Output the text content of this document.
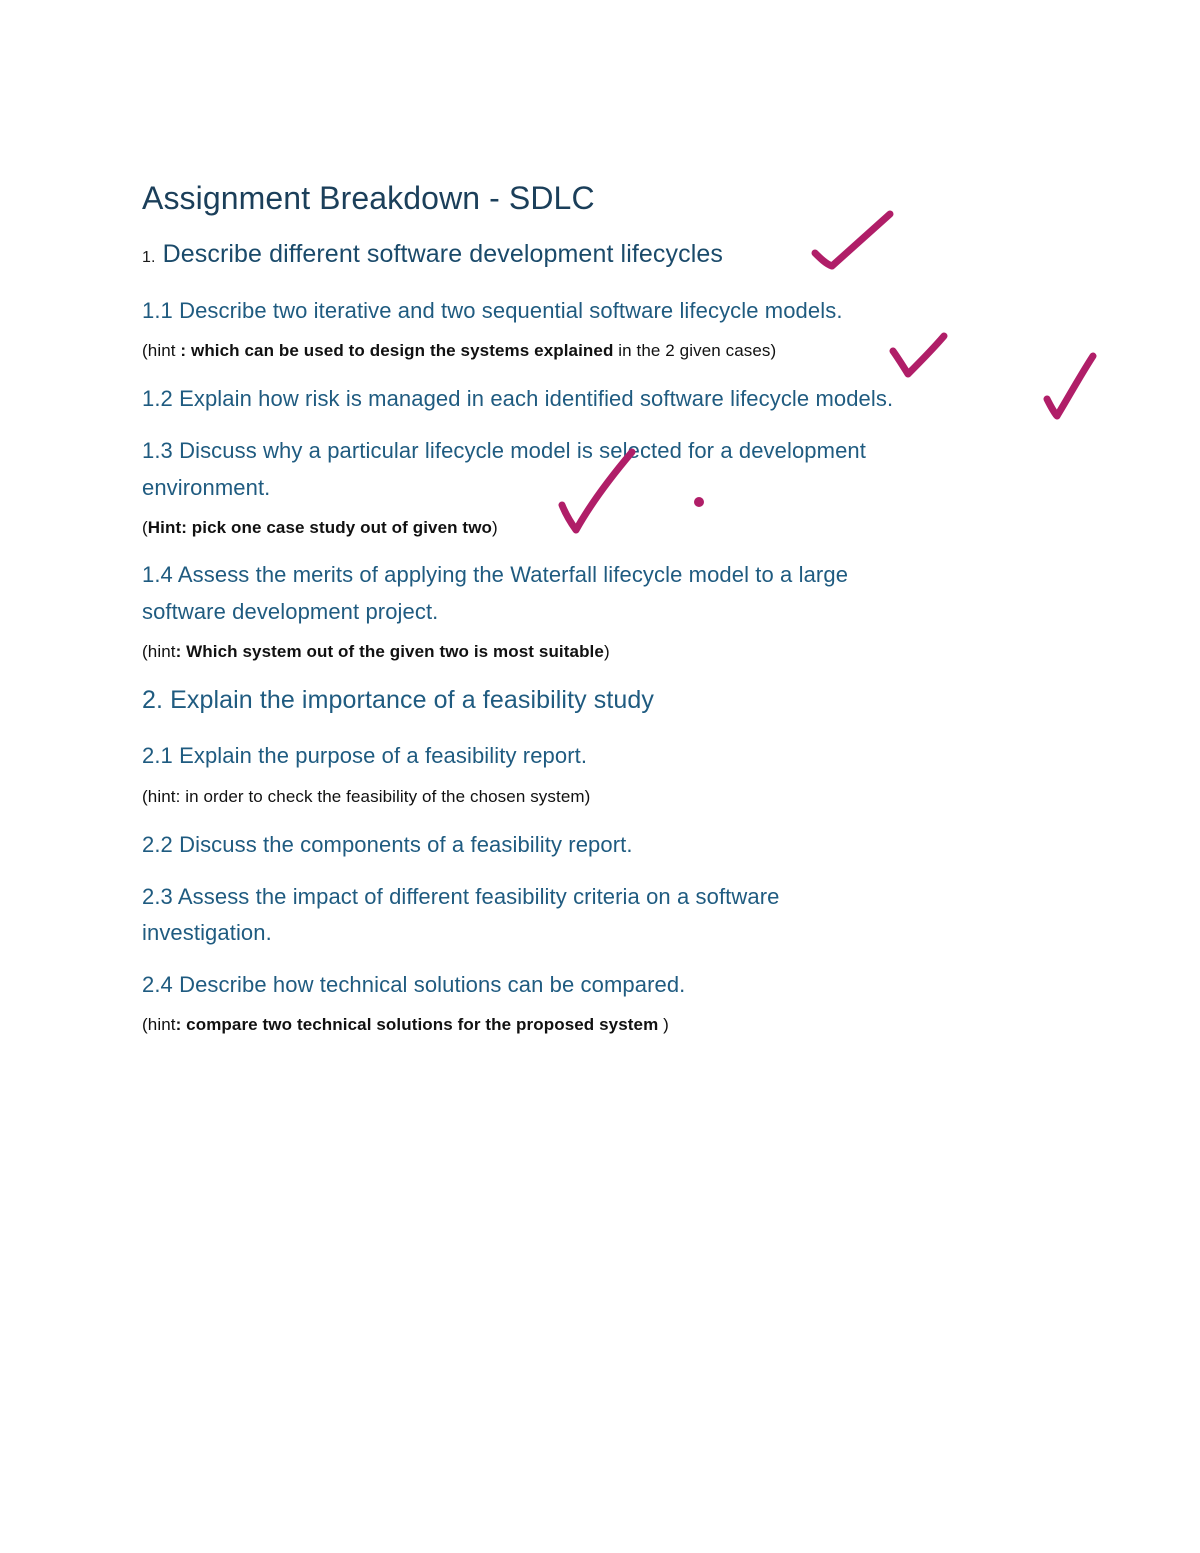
Assignment Breakdown - SDLC

1. Describe different software development lifecycles

1.1 Describe two iterative and two sequential software lifecycle models.

(hint : which can be used to design the systems explained in the 2 given cases)

1.2 Explain how risk is managed in each identified software lifecycle models.

1.3 Discuss why a particular lifecycle model is selected for a development

environment.

(Hint: pick one case study out of given two)

1.4 Assess the merits of applying the Waterfall lifecycle model to a large

software development project.

(hint: Which system out of the given two is most suitable)

2. Explain the importance of a feasibility study

2.1 Explain the purpose of a feasibility report.

(hint: in order to check the feasibility of the chosen system)

2.2 Discuss the components of a feasibility report.

2.3 Assess the impact of different feasibility criteria on a software

investigation.

2.4 Describe how technical solutions can be compared.

(hint: compare two technical solutions for the proposed system )
